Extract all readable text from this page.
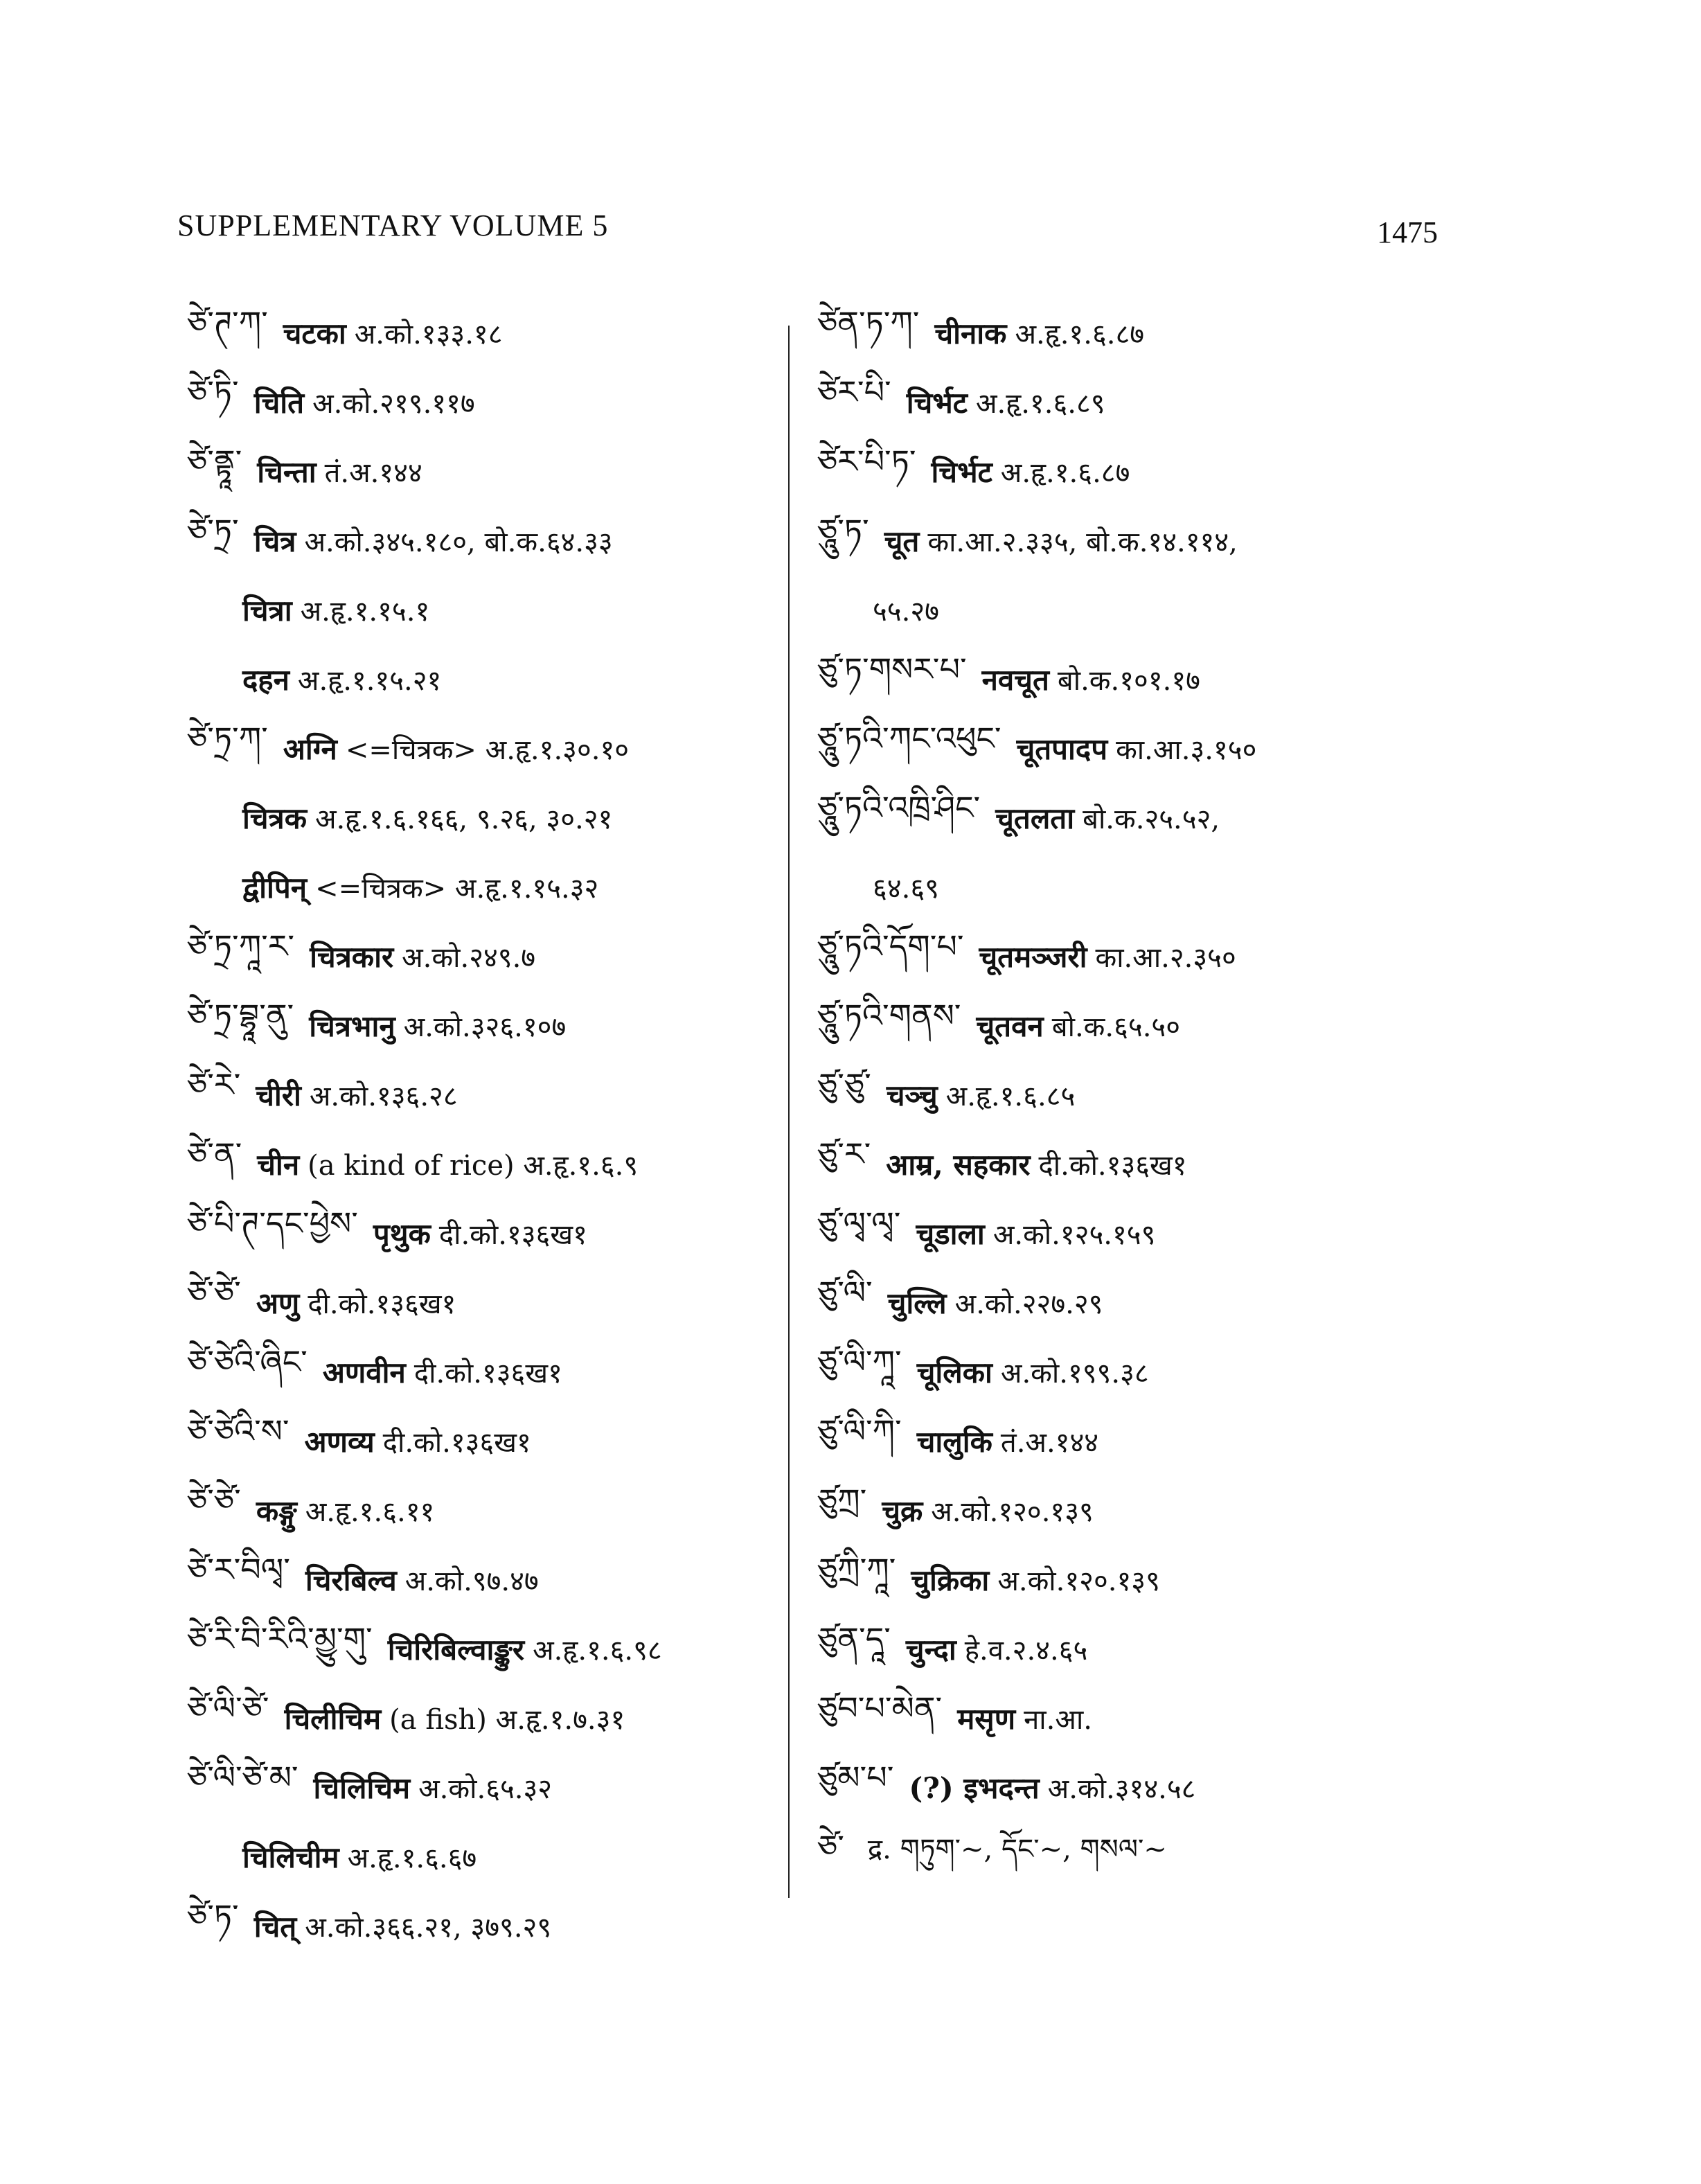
SUPPLEMENTARY VOLUME 5	1475
ཙེ་ཊ་ཀ་ चटका अ.को.१३३.१८
ཙེ་ཏི་ चिति अ.को.२१९.११७
ཙེ་ནྟཱ་ चिन्ता तं.अ.१४४
ཙེ་ཏྲ་ चित्र अ.को.३४५.१८०, बो.क.६४.३३
चित्रा अ.हृ.१.१५.१
दहन अ.हृ.१.१५.२१
ཙེ་ཏྲ་ཀ་ अग्नि <=चित्रक> अ.हृ.१.३०.१०
चित्रक अ.हृ.१.६.१६६, ९.२६, ३०.२१
द्वीपिन् <=चित्रक> अ.हृ.१.१५.३२
ཙེ་ཏྲ་ཀཱ་ར་ चित्रकार अ.को.२४९.७
ཙེ་ཏྲ་བྷཱ་ནུ་ चित्रभानु अ.को.३२६.१०७
ཙེ་རེ་ चीरी अ.को.१३६.२८
ཙེ་ན་ चीन (a kind of rice) अ.हृ.१.६.९
ཙེ་པི་ཊ་དང་ཕྱེས་ पृथुक दी.को.१३६ख१
ཙེ་ཙེ་ अणु दी.को.१३६ख१
ཙེ་ཙེའི་ཞིང་ अणवीन दी.को.१३६ख१
ཙེ་ཙེའི་ས་ अणव्य दी.को.१३६ख१
ཙེ་ཙེ་ कङ्गु अ.हृ.१.६.११
ཙེ་ར་བིལྭ་ चिरबिल्व अ.को.९७.४७
ཙེ་རི་བི་རིའི་མྱུ་གུ་ चिरिबिल्वाङ्कुर अ.हृ.१.६.९८
ཙེ་ལི་ཙེ་ चिलीचिम (a fish) अ.हृ.१.७.३१
ཙེ་ལི་ཙེ་མ་ चिलिचिम अ.को.६५.३२
चिलिचीम अ.हृ.१.६.६७
ཙེ་ཏ་ चित् अ.को.३६६.२१, ३७९.२९
ཙེན་ཏ་ཀ་ चीनाक अ.हृ.१.६.८७
ཙེར་པི་ चिर्भट अ.हृ.१.६.८९
ཙེར་པི་ཏ་ चिर्भट अ.हृ.१.६.८७
ཙཱུ་ཏ་ चूत का.आ.२.३३५, बो.क.१४.११४,
५५.२७
ཙུ་ཏ་གསར་པ་ नवचूत बो.क.१०१.१७
ཙཱུ་ཏའི་ཀང་འཕུང་ चूतपादप का.आ.३.१५०
ཙཱུ་ཏའི་འཁྲི་ཤིང་ चूतलता बो.क.२५.५२,
६४.६९
ཙཱུ་ཏའི་དོག་པ་ चूतमञ्जरी का.आ.२.३५०
ཙཱུ་ཏའི་གནས་ चूतवन बो.क.६५.५०
ཙུ་ཙུ་ चञ्चु अ.हृ.१.६.८५
ཙུ་ར་ आम्र, सहकार दी.को.१३६ख१
ཙུ་ལྭ་ལྭ་ चूडाला अ.को.१२५.१५९
ཙུ་ལི་ चुल्लि अ.को.२२७.२९
ཙུ་ལི་ཀཱ་ चूलिका अ.को.१९९.३८
ཙུ་ལི་ཀི་ चालुकि तं.अ.१४४
ཙུཀྲ་ चुक्र अ.को.१२०.१३९
ཙུཀྲི་ཀཱ་ चुक्रिका अ.को.१२०.१३९
ཙུན་དཱ་ चुन्दा हे.व.२.४.६५
ཙུབ་པ་མེན་ मसृण ना.आ.
ཙུམ་པ་ (?) इभदन्त अ.को.३१४.५८
ཙེ་ द्र. གཏུག་~, དོང་~, གསལ་~
